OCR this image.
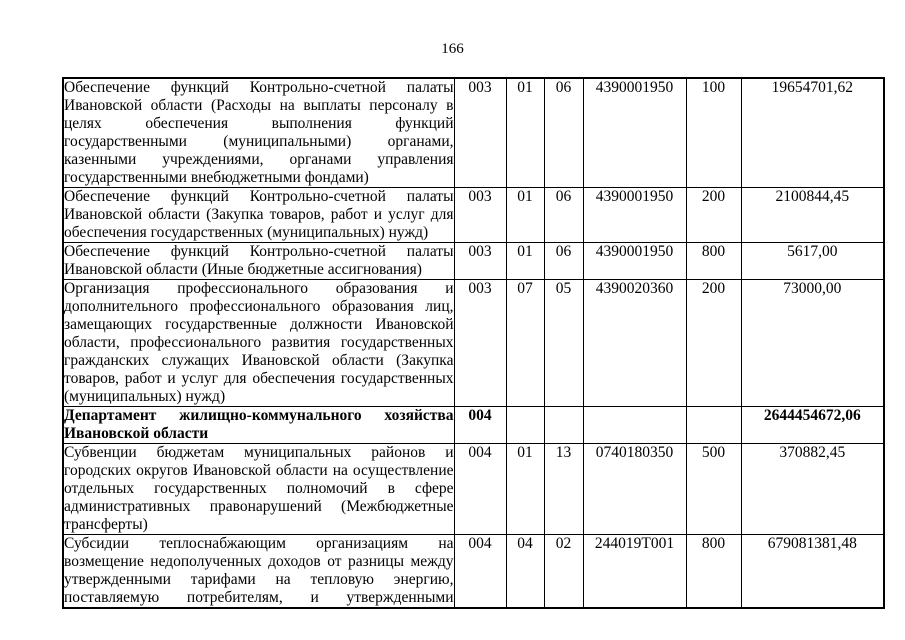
166
Обеспечение функций Контрольно-счетной палаты Ивановской области (Расходы на выплаты персоналу в целях обеспечения выполнения функций государственными (муниципальными) органами, казенными учреждениями, органами управления государственными внебюджетными фондами)	003	01	06	4390001950	100	19654701,62
Обеспечение функций Контрольно-счетной палаты Ивановской области (Закупка товаров, работ и услуг для обеспечения государственных (муниципальных) нужд)	003	01	06	4390001950	200	2100844,45
Обеспечение функций Контрольно-счетной палаты Ивановской области (Иные бюджетные ассигнования)	003	01	06	4390001950	800	5617,00
Организация профессионального образования и дополнительного профессионального образования лиц, замещающих государственные должности Ивановской области, профессионального развития государственных гражданских служащих Ивановской области (Закупка товаров, работ и услуг для обеспечения государственных (муниципальных) нужд)	003	07	05	4390020360	200	73000,00
Департамент жилищно-коммунального хозяйства Ивановской области	004					2644454672,06
Субвенции бюджетам муниципальных районов и городских округов Ивановской области на осуществление отдельных государственных полномочий в сфере административных правонарушений (Межбюджетные трансферты)	004	01	13	0740180350	500	370882,45
Субсидии теплоснабжающим организациям на возмещение недополученных доходов от разницы между утвержденными тарифами на тепловую энергию, поставляемую потребителям, и утвержденными	004	04	02	244019T001	800	679081381,48
